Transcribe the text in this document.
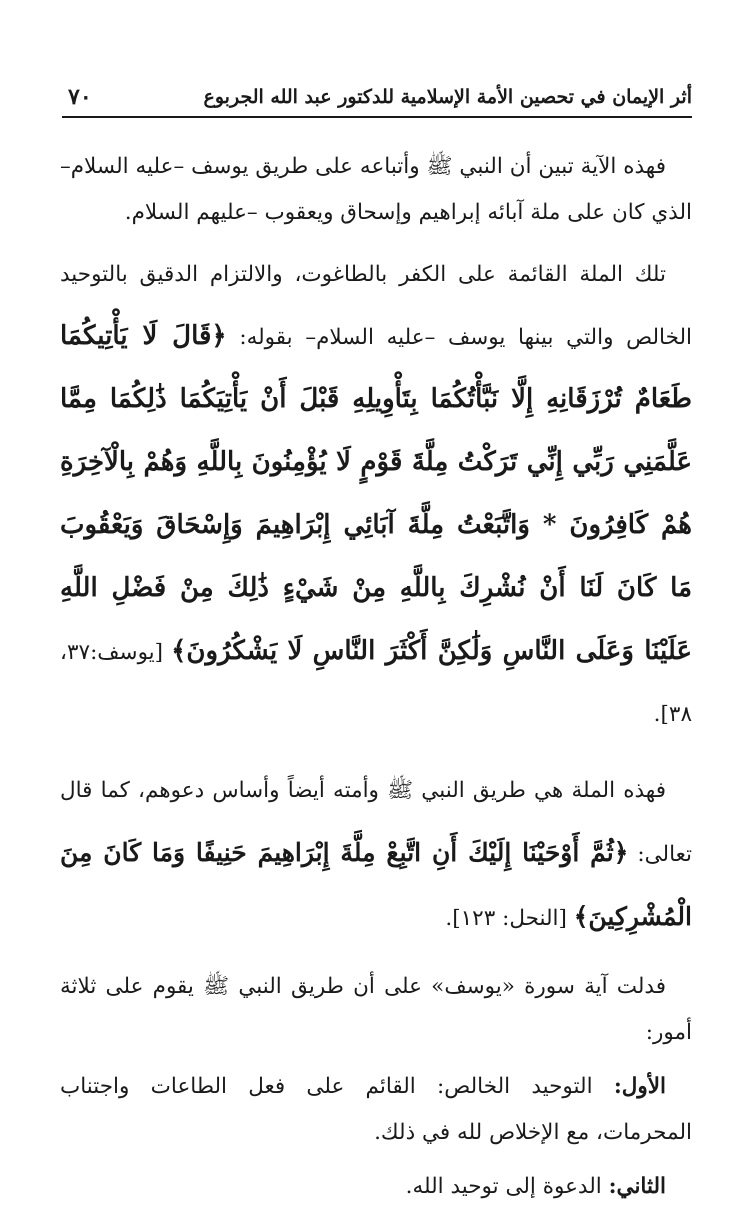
أثر الإيمان في تحصين الأمة الإسلامية للدكتور عبد الله الجربوع
٧٠

فهذه الآية تبين أن النبي ﷺ وأتباعه على طريق يوسف –عليه السلام– الذي كان على ملة آبائه إبراهيم وإسحاق ويعقوب –عليهم السلام.

تلك الملة القائمة على الكفر بالطاغوت، والالتزام الدقيق بالتوحيد الخالص والتي بينها يوسف –عليه السلام– بقوله: ﴿قَالَ لَا يَأْتِيكُمَا طَعَامٌ تُرْزَقَانِهِ إِلَّا نَبَّأْتُكُمَا بِتَأْوِيلِهِ قَبْلَ أَنْ يَأْتِيَكُمَا ذَٰلِكُمَا مِمَّا عَلَّمَنِي رَبِّي إِنِّي تَرَكْتُ مِلَّةَ قَوْمٍ لَا يُؤْمِنُونَ بِاللَّهِ وَهُمْ بِالْآخِرَةِ هُمْ كَافِرُونَ * وَاتَّبَعْتُ مِلَّةَ آبَائِي إِبْرَاهِيمَ وَإِسْحَاقَ وَيَعْقُوبَ مَا كَانَ لَنَا أَنْ نُشْرِكَ بِاللَّهِ مِنْ شَيْءٍ ذَٰلِكَ مِنْ فَضْلِ اللَّهِ عَلَيْنَا وَعَلَى النَّاسِ وَلَٰكِنَّ أَكْثَرَ النَّاسِ لَا يَشْكُرُونَ﴾ [يوسف:٣٧، ٣٨].

فهذه الملة هي طريق النبي ﷺ وأمته أيضاً وأساس دعوهم، كما قال تعالى: ﴿ثُمَّ أَوْحَيْنَا إِلَيْكَ أَنِ اتَّبِعْ مِلَّةَ إِبْرَاهِيمَ حَنِيفًا وَمَا كَانَ مِنَ الْمُشْرِكِينَ﴾ [النحل: ١٢٣].

فدلت آية سورة «يوسف» على أن طريق النبي ﷺ يقوم على ثلاثة أمور:

الأول: التوحيد الخالص: القائم على فعل الطاعات واجتناب المحرمات، مع الإخلاص لله في ذلك.

الثاني: الدعوة إلى توحيد الله.
